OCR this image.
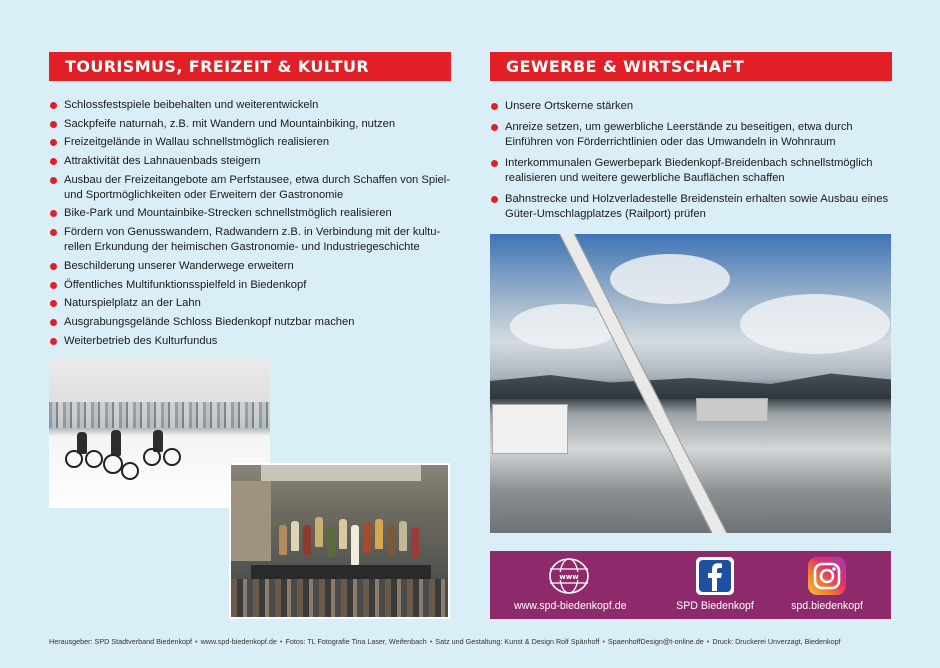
TOURISMUS, FREIZEIT & KULTUR
Schlossfestspiele beibehalten und weiterentwickeln
Sackpfeife naturnah, z.B. mit Wandern und Mountainbiking, nutzen
Freizeitgelände in Wallau schnellstmöglich realisieren
Attraktivität des Lahnauenbads steigern
Ausbau der Freizeitangebote am Perfstausee, etwa durch Schaffen von Spiel- und Sportmöglichkeiten oder Erweitern der Gastronomie
Bike-Park und Mountainbike-Strecken schnellstmöglich realisieren
Fördern von Genusswandern, Radwandern z.B. in Verbindung mit der kultu-rellen Erkundung der heimischen Gastronomie- und Industriegeschichte
Beschilderung unserer Wanderwege erweitern
Öffentliches Multifunktionsspielfeld in Biedenkopf
Naturspielplatz an der Lahn
Ausgrabungsgelände Schloss Biedenkopf nutzbar machen
Weiterbetrieb des Kulturfundus
GEWERBE & WIRTSCHAFT
Unsere Ortskerne stärken
Anreize setzen, um gewerbliche Leerstände zu beseitigen, etwa durch Einführen von Förderrichtlinien oder das Umwandeln in Wohnraum
Interkommunalen Gewerbepark Biedenkopf-Breidenbach schnellstmöglich realisieren und weitere gewerbliche Bauflächen schaffen
Bahnstrecke und Holzverladestelle Breidenstein erhalten sowie Ausbau eines Güter-Umschlagplatzes (Railport) prüfen
www
www.spd-biedenkopf.de	SPD Biedenkopf	spd.biedenkopf
Herausgeber: SPD Stadtverband Biedenkopf • www.spd-biedenkopf.de • Fotos: TL Fotografie Tina Laser, Weifenbach • Satz und Gestaltung: Kunst & Design Rolf Spänhoff • SpaenhoffDesign@t-online.de • Druck: Druckerei Unverzagt, Biedenkopf
